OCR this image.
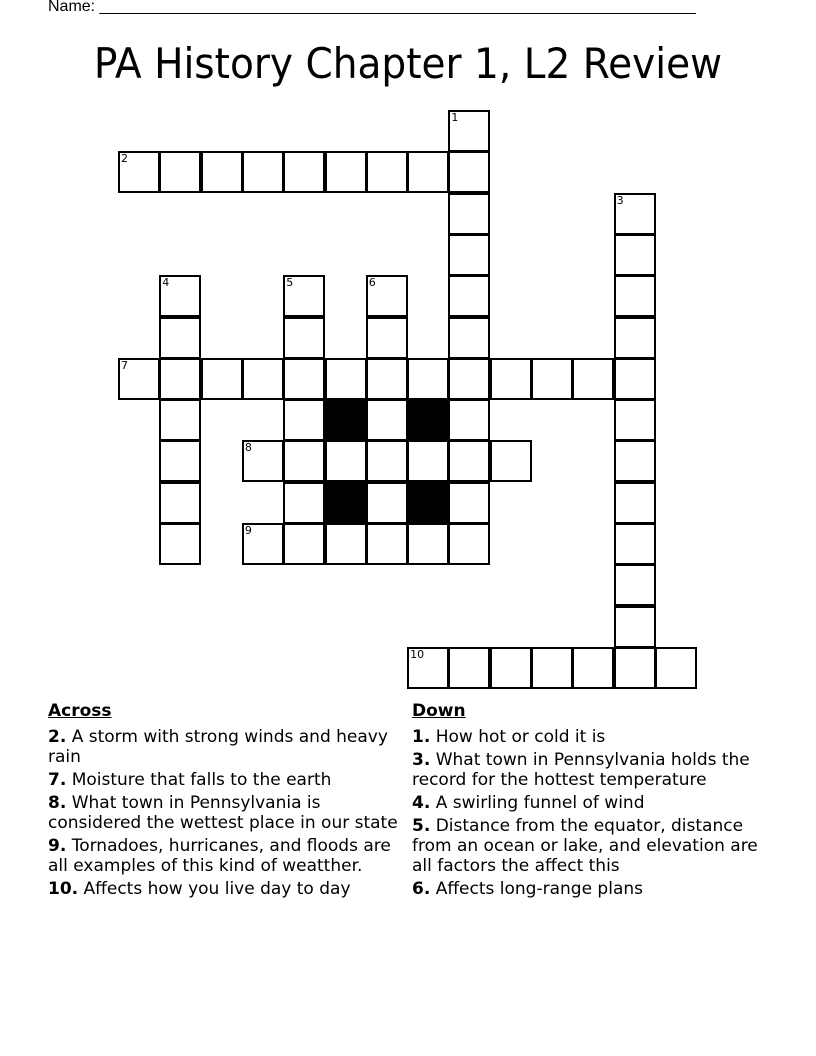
Name: ___________________________________________________________________
PA History Chapter 1, L2 Review
1
2
3
4	5	6
7
8
9
10
Across
2. A storm with strong winds and heavy rain
7. Moisture that falls to the earth
8. What town in Pennsylvania is considered the wettest place in our state
9. Tornadoes, hurricanes, and floods are all examples of this kind of weatther.
10. Affects how you live day to day
Down
1. How hot or cold it is
3. What town in Pennsylvania holds the record for the hottest temperature
4. A swirling funnel of wind
5. Distance from the equator, distance from an ocean or lake, and elevation are all factors the affect this
6. Affects long-range plans
